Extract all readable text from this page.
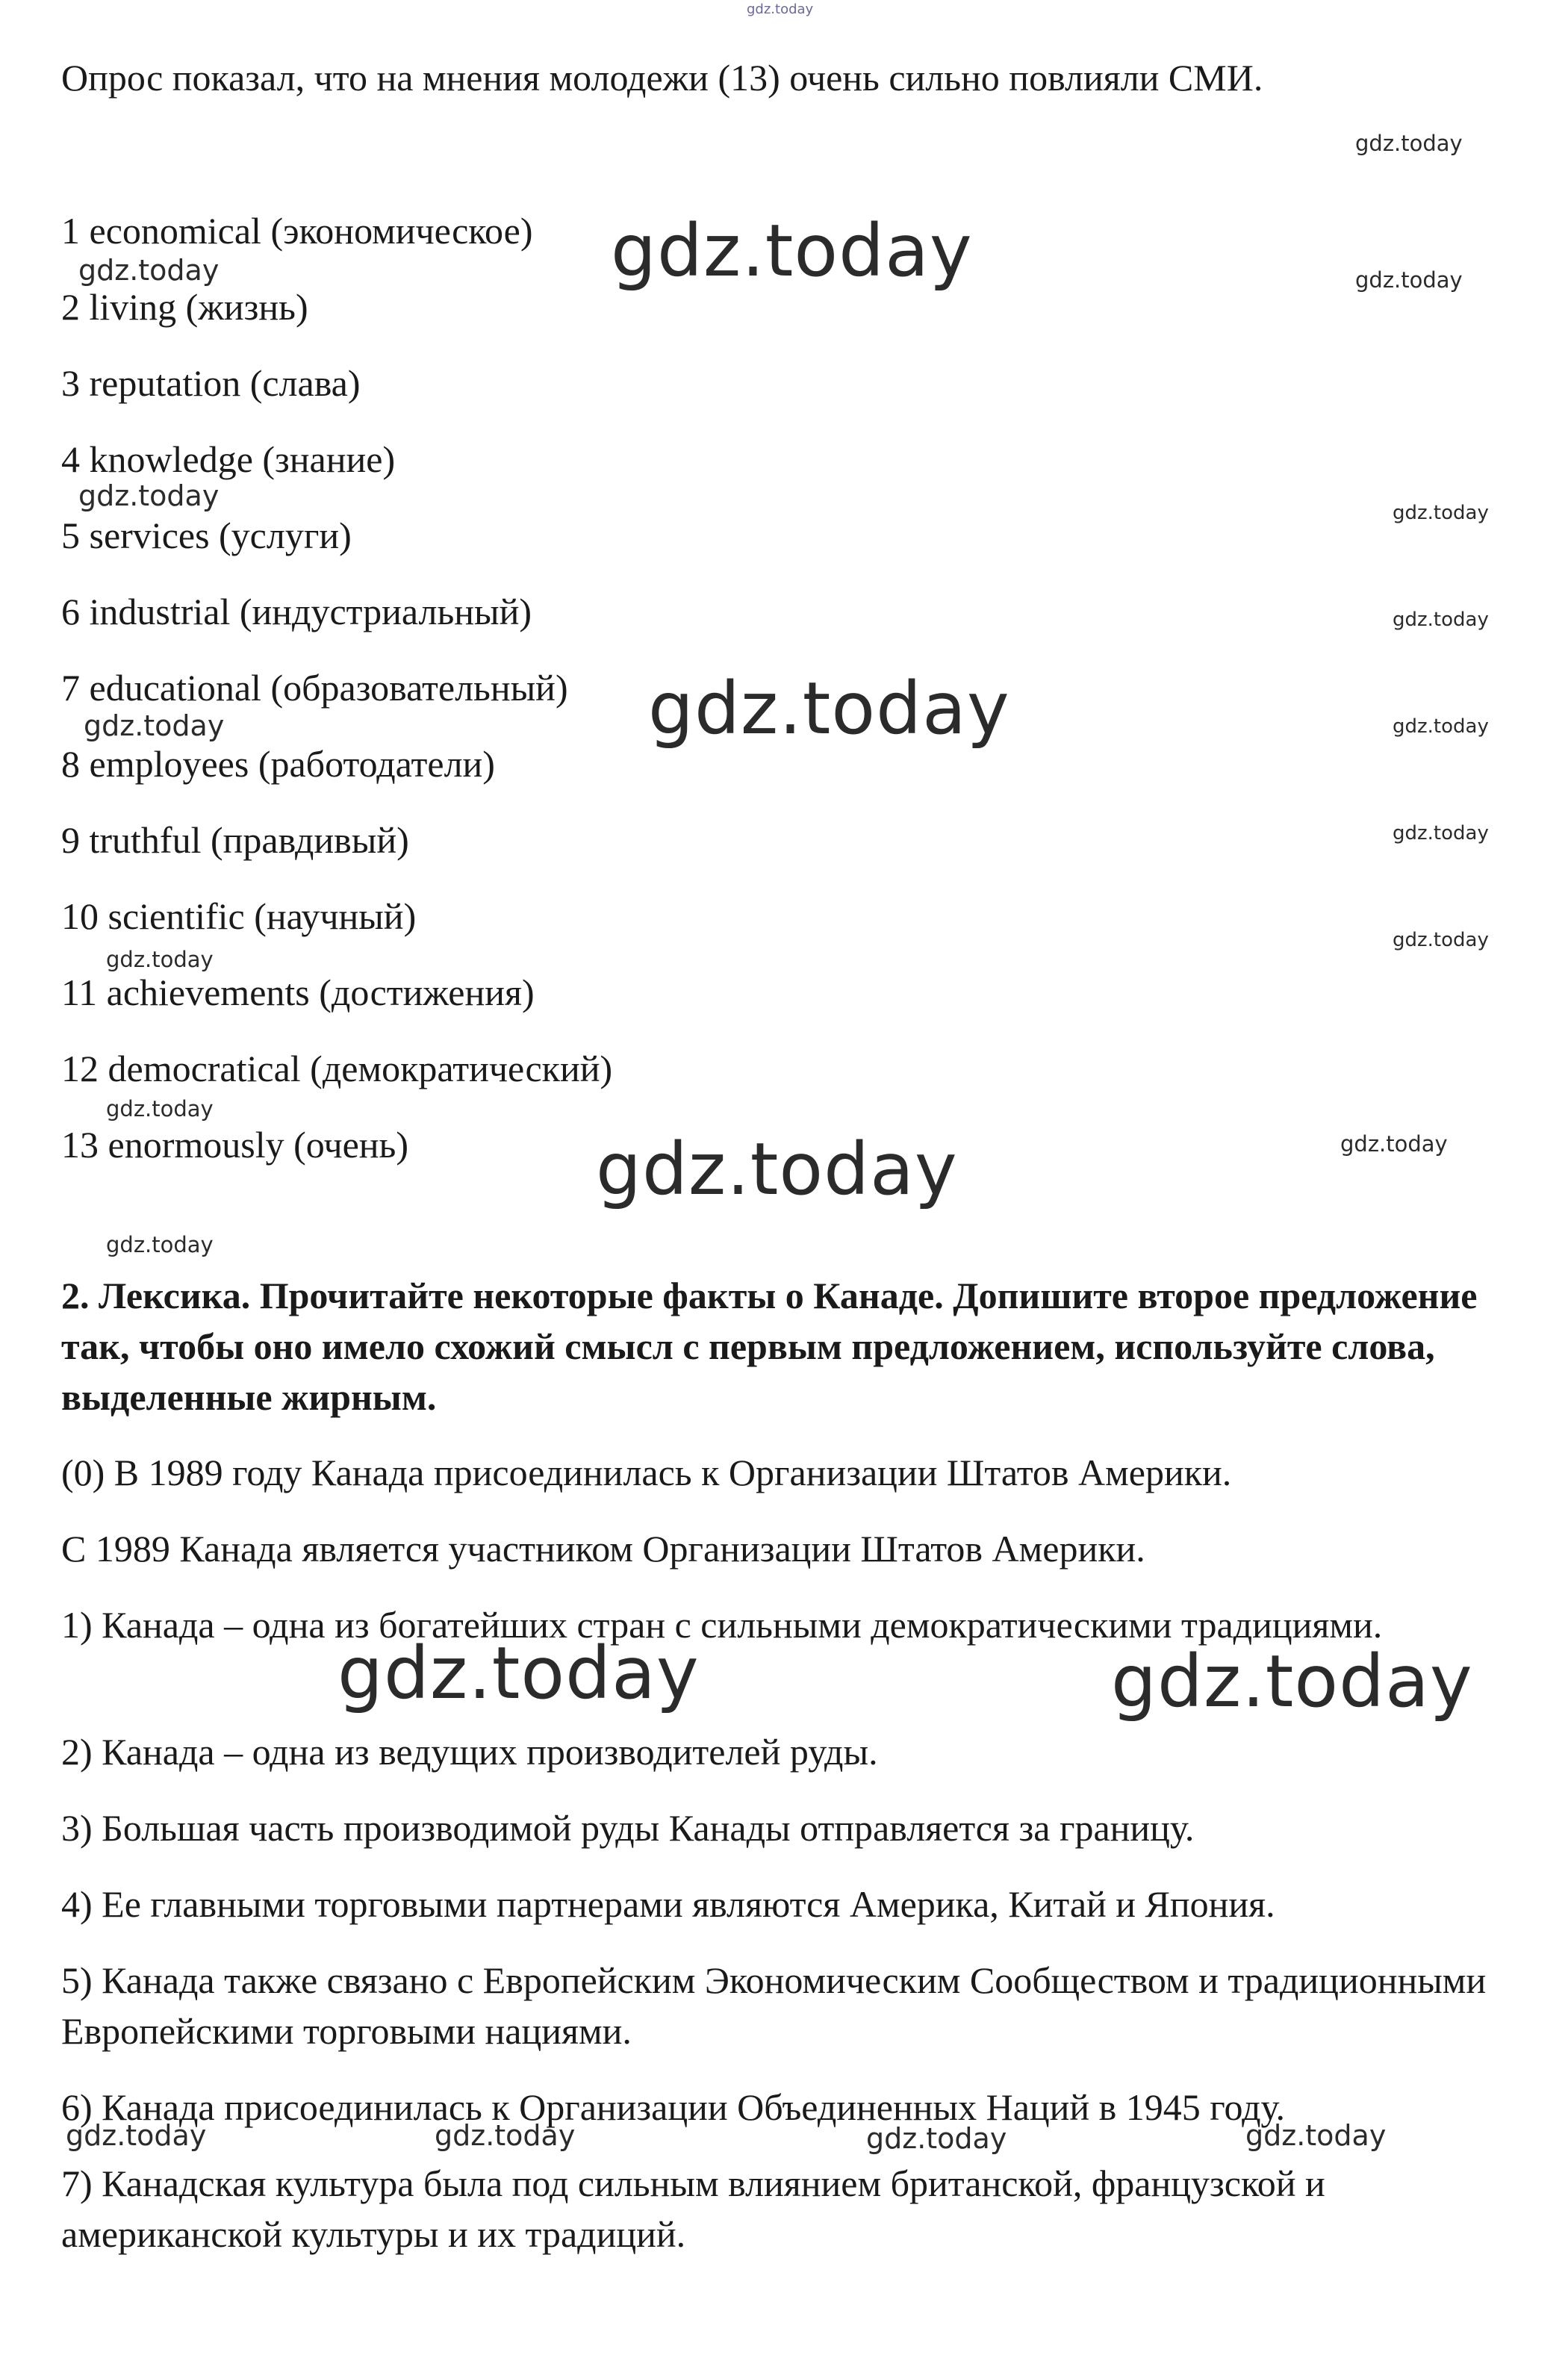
Опрос показал, что на мнения молодежи (13) очень сильно повлияли СМИ.
1 economical (экономическое)
2 living (жизнь)
3 reputation (слава)
4 knowledge (знание)
5 services (услуги)
6 industrial (индустриальный)
7 educational (образовательный)
8 employees (работодатели)
9 truthful (правдивый)
10 scientific (научный)
11 achievements (достижения)
12 democratical (демократический)
13 enormously (очень)
2. Лексика. Прочитайте некоторые факты о Канаде. Допишите второе предложение так, чтобы оно имело схожий смысл с первым предложением, используйте слова, выделенные жирным.
(0) В 1989 году Канада присоединилась к Организации Штатов Америки.
С 1989 Канада является участником Организации Штатов Америки.
1) Канада – одна из богатейших стран с сильными демократическими традициями.
2) Канада – одна из ведущих производителей руды.
3) Большая часть производимой руды Канады отправляется за границу.
4) Ее главными торговыми партнерами являются Америка, Китай и Япония.
5) Канада также связано с Европейским Экономическим Сообществом и традиционными Европейскими торговыми нациями.
6) Канада присоединилась к Организации Объединенных Наций в 1945 году.
7) Канадская культура была под сильным влиянием британской, французской и американской культуры и их традиций.
gdz.today
gdz.today
gdz.today
gdz.today
gdz.today
gdz.today
gdz.today
gdz.today
gdz.today
gdz.today
gdz.today
gdz.today
gdz.today
gdz.today
gdz.today
gdz.today
gdz.today
gdz.today
gdz.today	gdz.today
gdz.today	gdz.today	gdz.today	gdz.today
